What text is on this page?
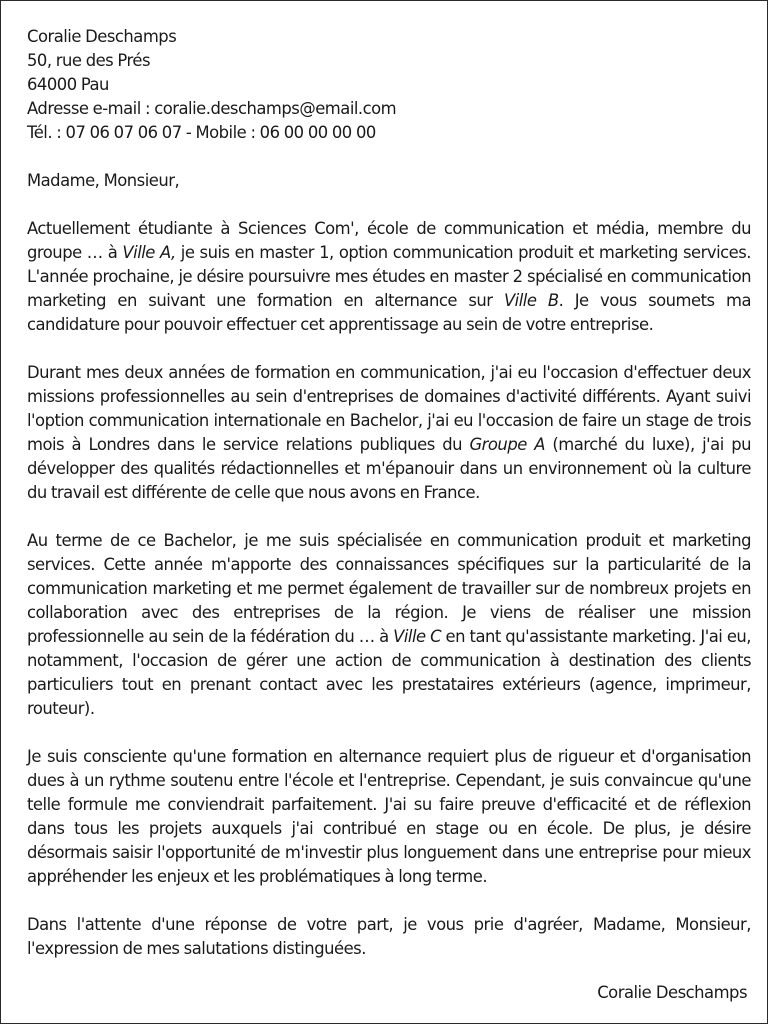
Coralie Deschamps
50, rue des Prés
64000 Pau
Adresse e-mail : coralie.deschamps@email.com
Tél. : 07 06 07 06 07 - Mobile : 06 00 00 00 00
Madame, Monsieur,

Actuellement étudiante à Sciences Com', école de communication et média, membre du groupe … à Ville A, je suis en master 1, option communication produit et marketing services. L'année prochaine, je désire poursuivre mes études en master 2 spécialisé en communication marketing en suivant une formation en alternance sur Ville B. Je vous soumets ma candidature pour pouvoir effectuer cet apprentissage au sein de votre entreprise.

Durant mes deux années de formation en communication, j'ai eu l'occasion d'effectuer deux missions professionnelles au sein d'entreprises de domaines d'activité différents. Ayant suivi l'option communication internationale en Bachelor, j'ai eu l'occasion de faire un stage de trois mois à Londres dans le service relations publiques du Groupe A (marché du luxe), j'ai pu développer des qualités rédactionnelles et m'épanouir dans un environnement où la culture du travail est différente de celle que nous avons en France.

Au terme de ce Bachelor, je me suis spécialisée en communication produit et marketing services. Cette année m'apporte des connaissances spécifiques sur la particularité de la communication marketing et me permet également de travailler sur de nombreux projets en collaboration avec des entreprises de la région. Je viens de réaliser une mission professionnelle au sein de la fédération du … à Ville C en tant qu'assistante marketing. J'ai eu, notamment, l'occasion de gérer une action de communication à destination des clients particuliers tout en prenant contact avec les prestataires extérieurs (agence, imprimeur, routeur).

Je suis consciente qu'une formation en alternance requiert plus de rigueur et d'organisation dues à un rythme soutenu entre l'école et l'entreprise. Cependant, je suis convaincue qu'une telle formule me conviendrait parfaitement. J'ai su faire preuve d'efficacité et de réflexion dans tous les projets auxquels j'ai contribué en stage ou en école. De plus, je désire désormais saisir l'opportunité de m'investir plus longuement dans une entreprise pour mieux appréhender les enjeux et les problématiques à long terme.

Dans l'attente d'une réponse de votre part, je vous prie d'agréer, Madame, Monsieur, l'expression de mes salutations distinguées.

Coralie Deschamps
